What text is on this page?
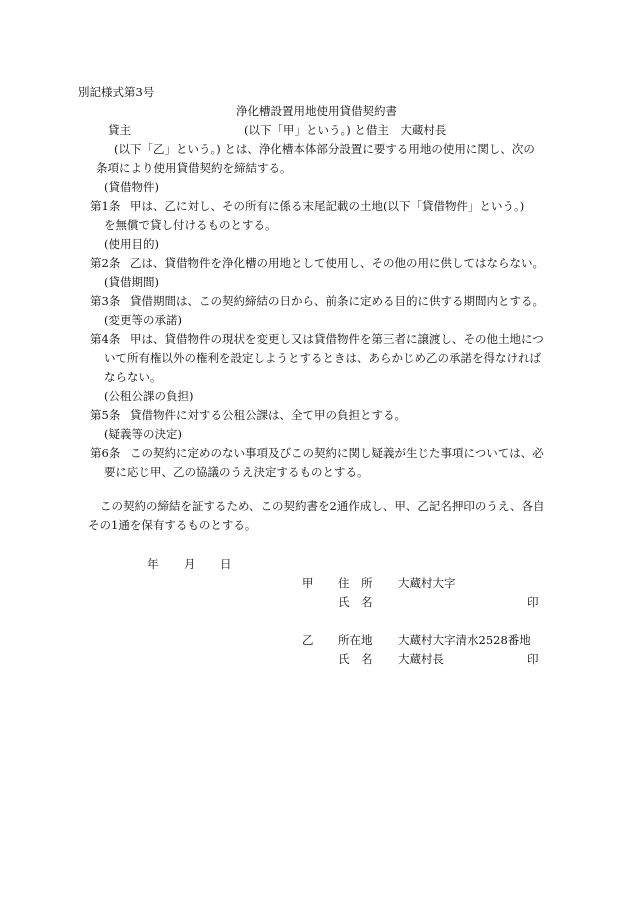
別記様式第3号
浄化槽設置用地使用貸借契約書
貸主	(以下「甲」という。) と借主　大蔵村長
(以下「乙」という。) とは、浄化槽本体部分設置に要する用地の使用に関し、次の
条項により使用貸借契約を締結する。
(貸借物件)
第1条 甲は、乙に対し、その所有に係る末尾記載の土地(以下「貸借物件」という。)
を無償で貸し付けるものとする。
(使用目的)
第2条 乙は、貸借物件を浄化槽の用地として使用し、その他の用に供してはならない。
(貸借期間)
第3条 貸借期間は、この契約締結の日から、前条に定める目的に供する期間内とする。
(変更等の承諾)
第4条 甲は、貸借物件の現状を変更し又は貸借物件を第三者に譲渡し、その他土地につ
いて所有権以外の権利を設定しようとするときは、あらかじめ乙の承諾を得なければ
ならない。
(公租公課の負担)
第5条 貸借物件に対する公租公課は、全て甲の負担とする。
(疑義等の決定)
第6条 この契約に定めのない事項及びこの契約に関し疑義が生じた事項については、必
要に応じ甲、乙の協議のうえ決定するものとする。
この契約の締結を証するため、この契約書を2通作成し、甲、乙記名押印のうえ、各自
その1通を保有するものとする。
年 月 日
甲 住　所 大蔵村大字
氏　名	印
乙 所在地 大蔵村大字清水2528番地
氏　名 大蔵村長	印
